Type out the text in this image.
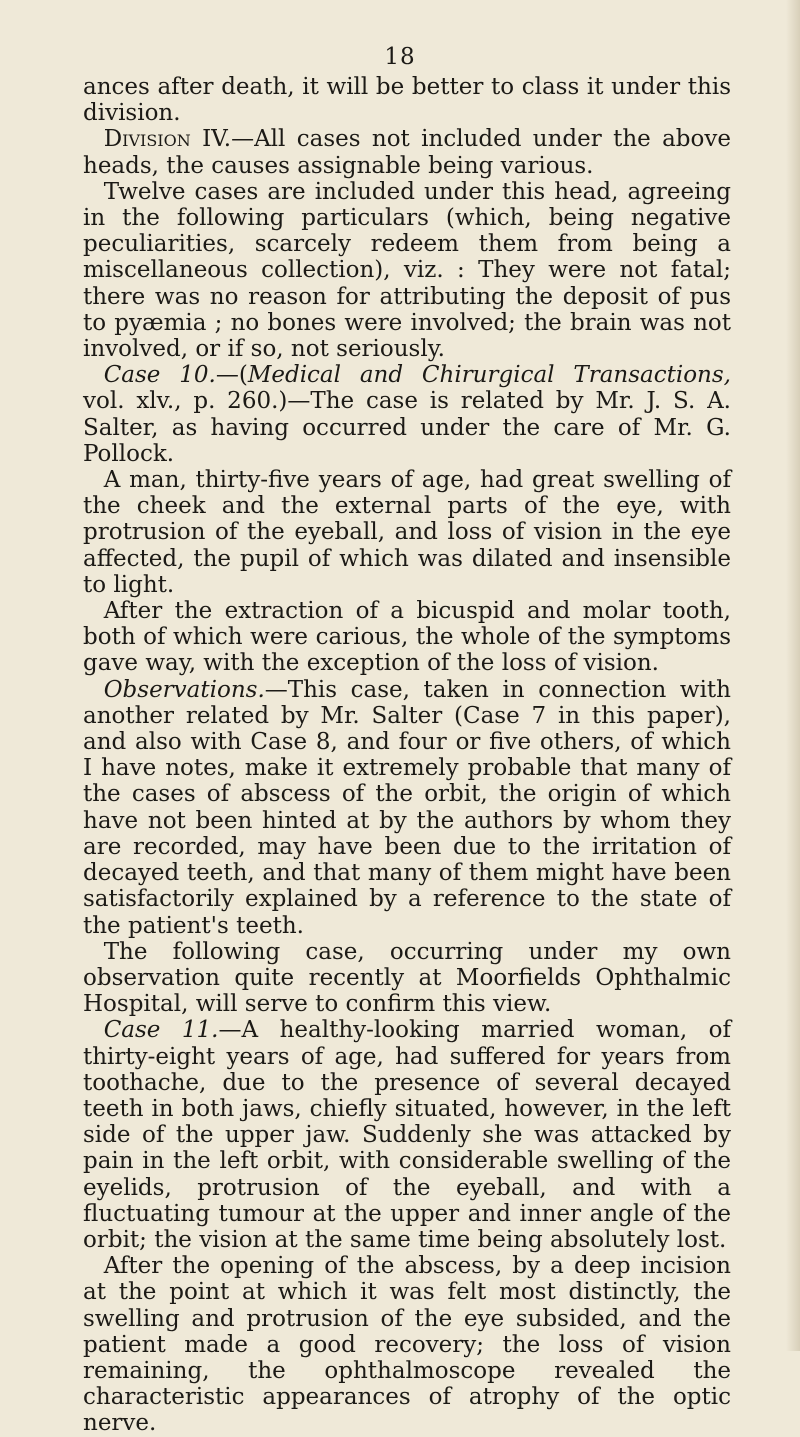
18

ances after death, it will be better to class it under this division.

Division IV.—All cases not included under the above heads, the causes assignable being various.

Twelve cases are included under this head, agreeing in the following particulars (which, being negative peculiarities, scarcely redeem them from being a miscellaneous collection), viz. : They were not fatal; there was no reason for attributing the deposit of pus to pyæmia ; no bones were involved; the brain was not involved, or if so, not seriously.

Case 10.—(Medical and Chirurgical Transactions, vol. xlv., p. 260.)—The case is related by Mr. J. S. A. Salter, as having occurred under the care of Mr. G. Pollock.

A man, thirty-five years of age, had great swelling of the cheek and the external parts of the eye, with protrusion of the eyeball, and loss of vision in the eye affected, the pupil of which was dilated and insensible to light.

After the extraction of a bicuspid and molar tooth, both of which were carious, the whole of the symptoms gave way, with the exception of the loss of vision.

Observations.—This case, taken in connection with another related by Mr. Salter (Case 7 in this paper), and also with Case 8, and four or five others, of which I have notes, make it extremely probable that many of the cases of abscess of the orbit, the origin of which have not been hinted at by the authors by whom they are recorded, may have been due to the irritation of decayed teeth, and that many of them might have been satisfactorily explained by a reference to the state of the patient's teeth.

The following case, occurring under my own observation quite recently at Moorfields Ophthalmic Hospital, will serve to confirm this view.

Case 11.—A healthy-looking married woman, of thirty-eight years of age, had suffered for years from toothache, due to the presence of several decayed teeth in both jaws, chiefly situated, however, in the left side of the upper jaw. Suddenly she was attacked by pain in the left orbit, with considerable swelling of the eyelids, protrusion of the eyeball, and with a fluctuating tumour at the upper and inner angle of the orbit; the vision at the same time being absolutely lost.

After the opening of the abscess, by a deep incision at the point at which it was felt most distinctly, the swelling and protrusion of the eye subsided, and the patient made a good recovery; the loss of vision remaining, the ophthalmoscope revealed the characteristic appearances of atrophy of the optic nerve.
